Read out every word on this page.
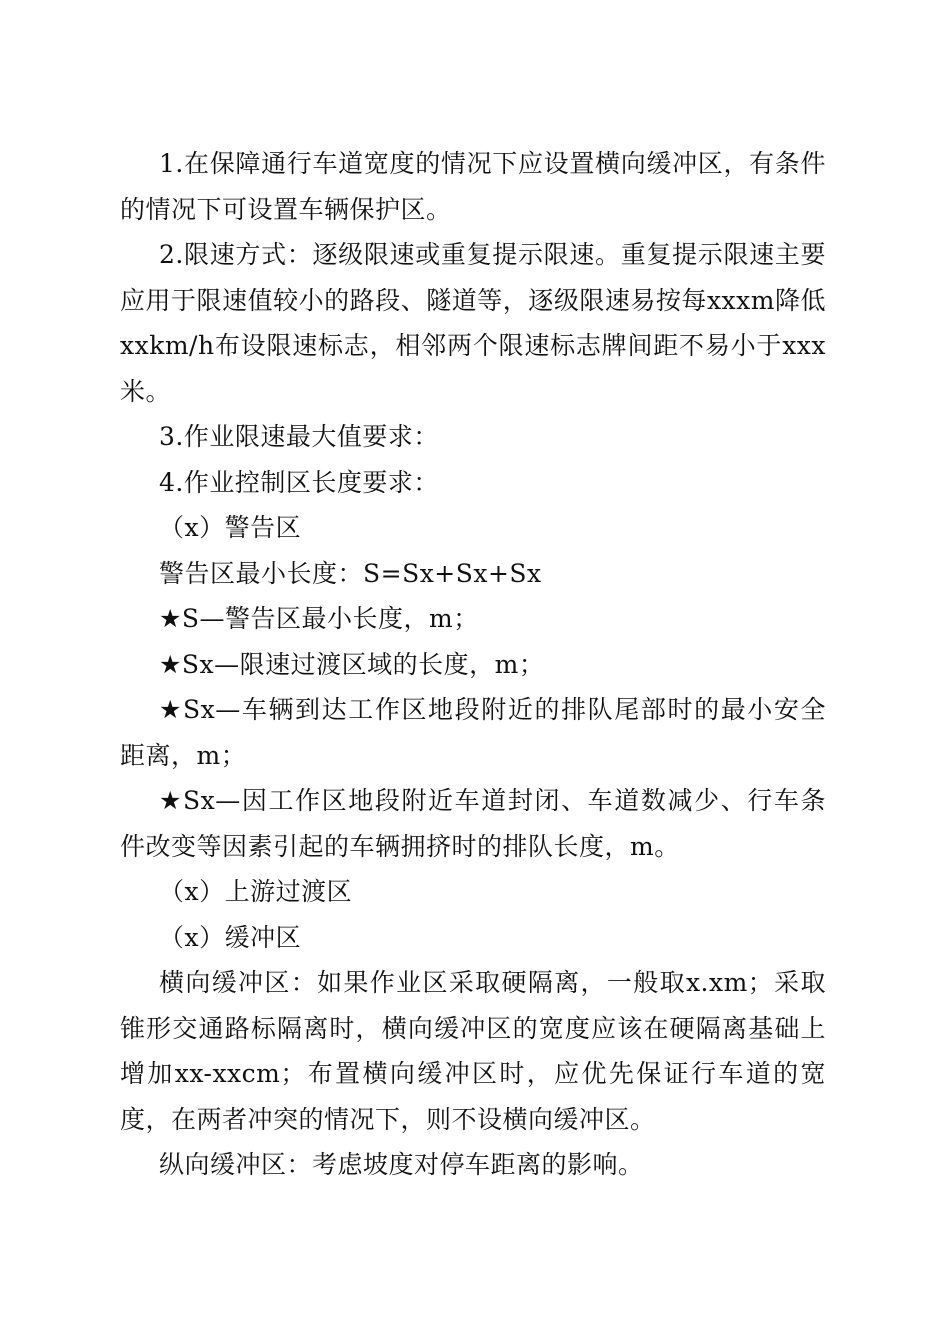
1.在保障通行车道宽度的情况下应设置横向缓冲区，有条件的情况下可设置车辆保护区。

2.限速方式：逐级限速或重复提示限速。重复提示限速主要应用于限速值较小的路段、隧道等，逐级限速易按每xxxm降低xxkm/h布设限速标志，相邻两个限速标志牌间距不易小于xxx米。

3.作业限速最大值要求：

4.作业控制区长度要求：

（x）警告区

警告区最小长度：S=Sx+Sx+Sx

★S—警告区最小长度，m；

★Sx—限速过渡区域的长度，m；

★Sx—车辆到达工作区地段附近的排队尾部时的最小安全距离，m；

★Sx—因工作区地段附近车道封闭、车道数减少、行车条件改变等因素引起的车辆拥挤时的排队长度，m。

（x）上游过渡区

（x）缓冲区

横向缓冲区：如果作业区采取硬隔离，一般取x.xm；采取锥形交通路标隔离时，横向缓冲区的宽度应该在硬隔离基础上增加xx-xxcm；布置横向缓冲区时，应优先保证行车道的宽度，在两者冲突的情况下，则不设横向缓冲区。

纵向缓冲区：考虑坡度对停车距离的影响。
